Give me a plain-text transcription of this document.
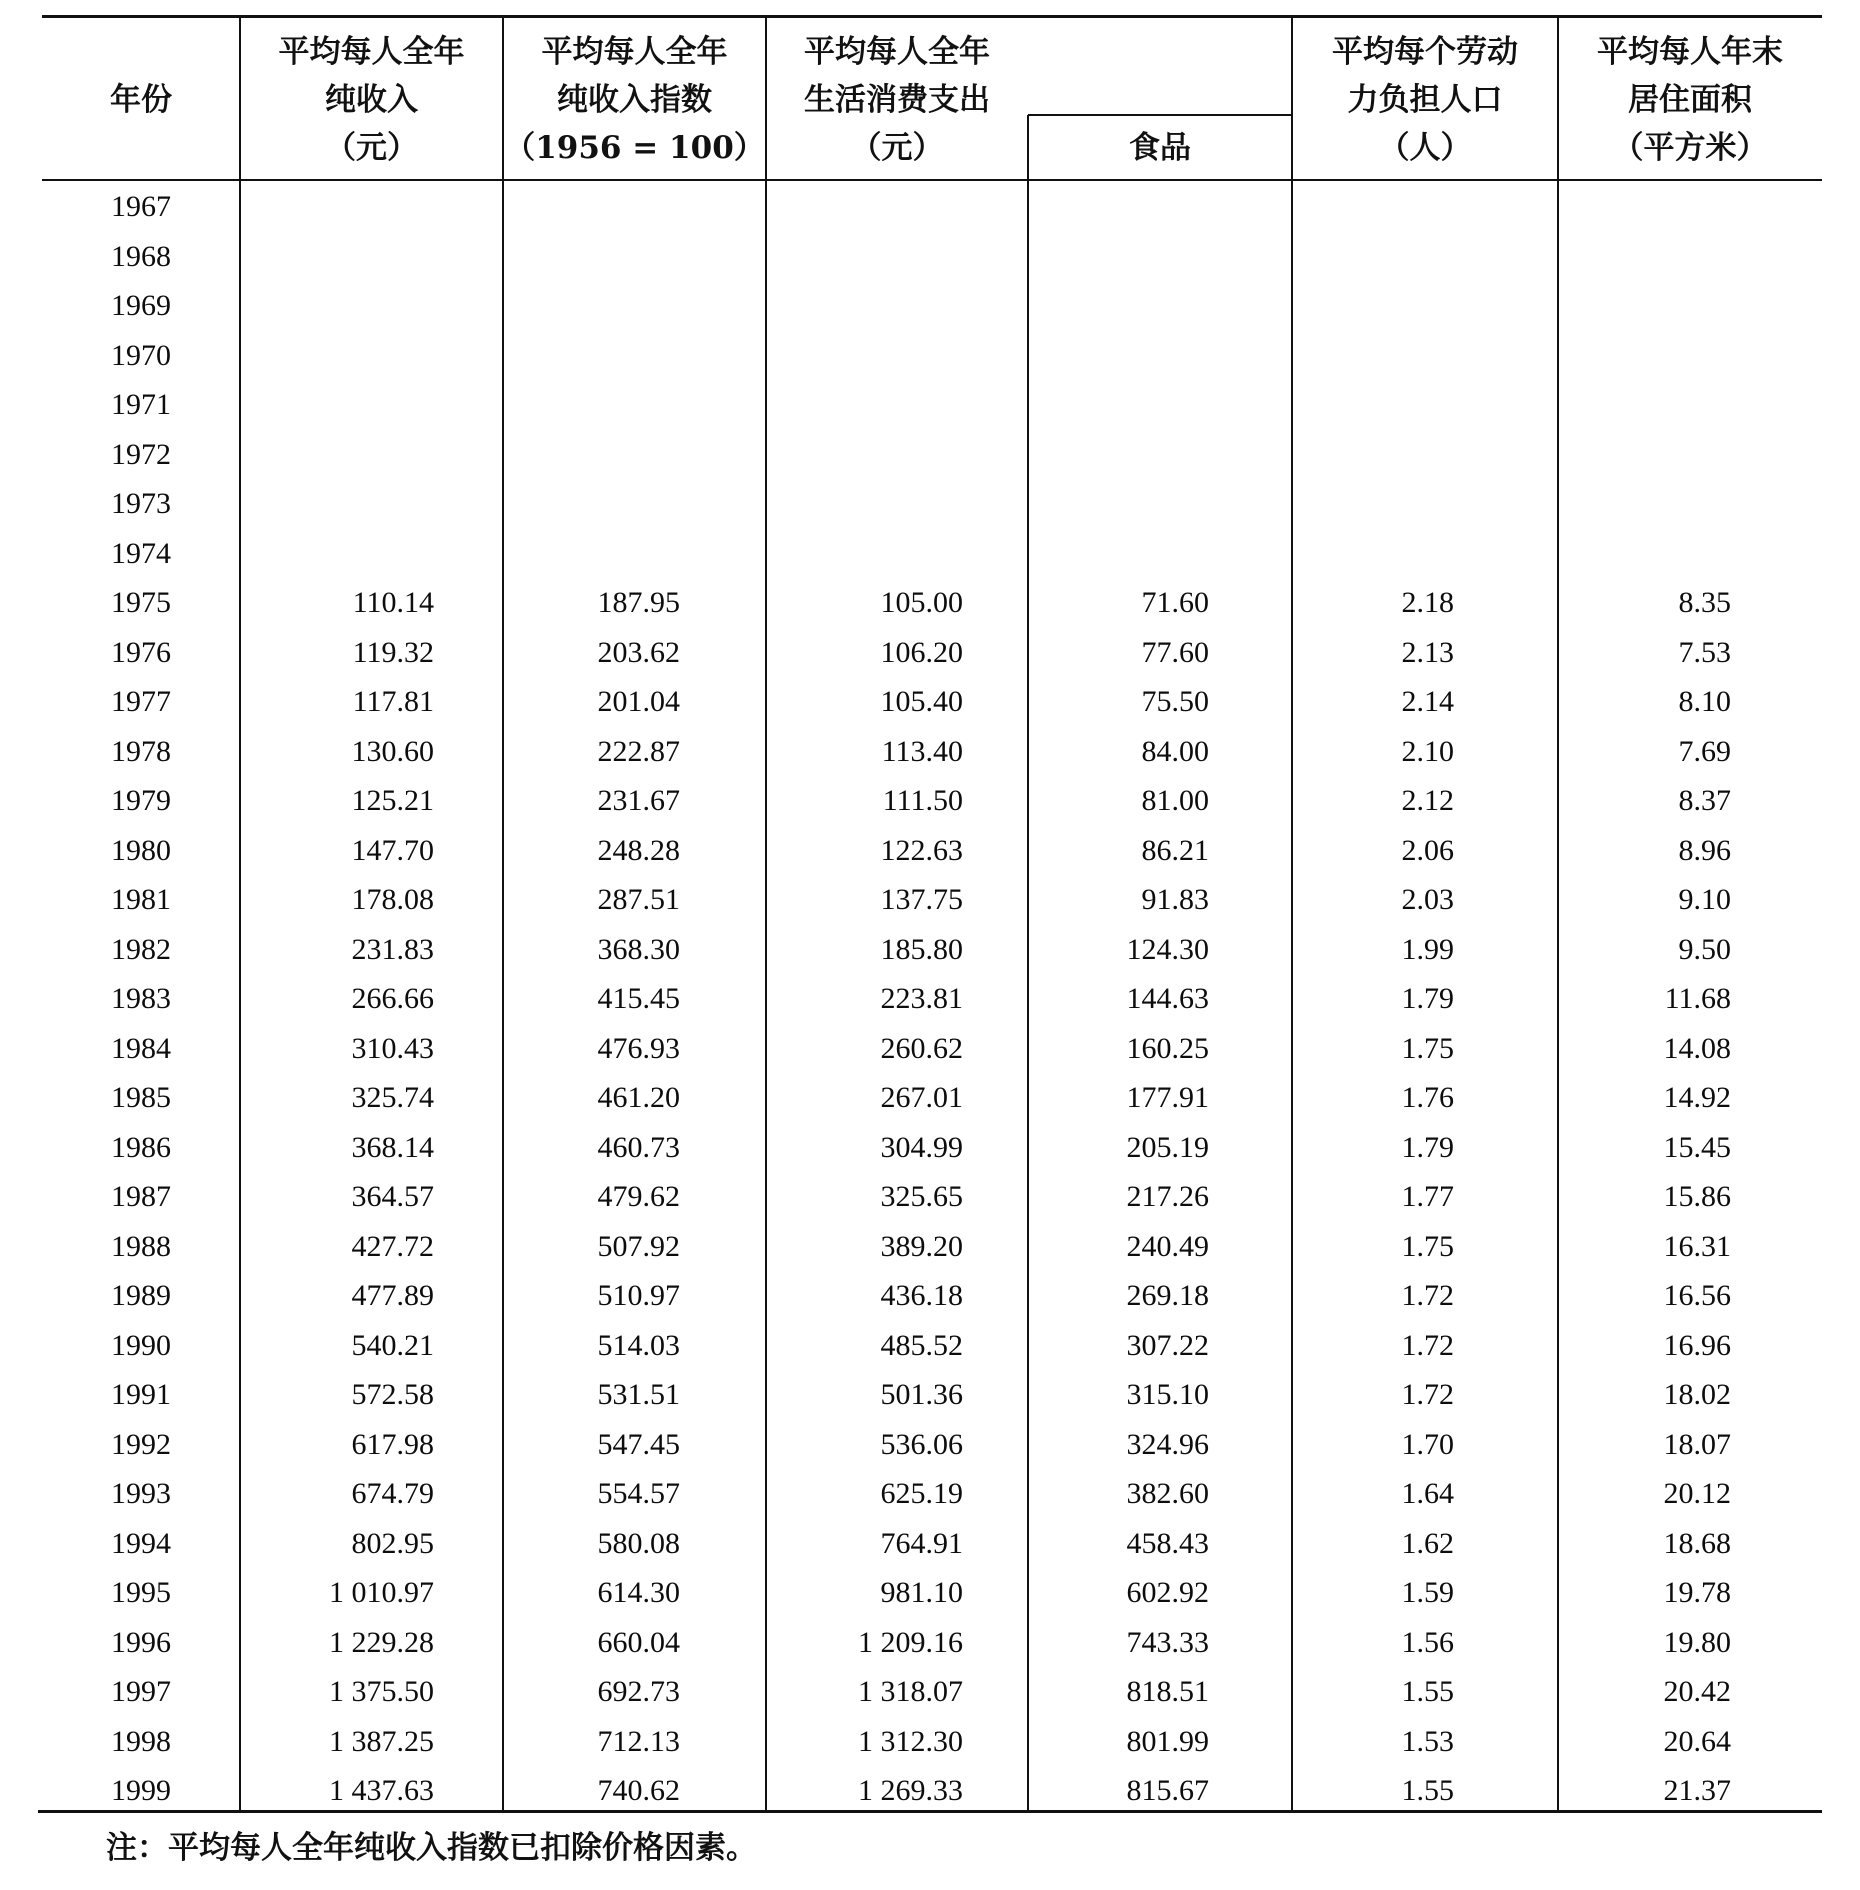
年份
平均每人全年
纯收入
（元）
平均每人全年
纯收入指数
（1956 = 100）
平均每人全年
生活消费支出
（元）	食品
平均每个劳动
力负担人口
（人）
平均每人年末
居住面积
（平方米）
1967
1968
1969
1970
1971
1972
1973
1974
1975	110.14	187.95	105.00	71.60	2.18	8.35
1976	119.32	203.62	106.20	77.60	2.13	7.53
1977	117.81	201.04	105.40	75.50	2.14	8.10
1978	130.60	222.87	113.40	84.00	2.10	7.69
1979	125.21	231.67	111.50	81.00	2.12	8.37
1980	147.70	248.28	122.63	86.21	2.06	8.96
1981	178.08	287.51	137.75	91.83	2.03	9.10
1982	231.83	368.30	185.80	124.30	1.99	9.50
1983	266.66	415.45	223.81	144.63	1.79	11.68
1984	310.43	476.93	260.62	160.25	1.75	14.08
1985	325.74	461.20	267.01	177.91	1.76	14.92
1986	368.14	460.73	304.99	205.19	1.79	15.45
1987	364.57	479.62	325.65	217.26	1.77	15.86
1988	427.72	507.92	389.20	240.49	1.75	16.31
1989	477.89	510.97	436.18	269.18	1.72	16.56
1990	540.21	514.03	485.52	307.22	1.72	16.96
1991	572.58	531.51	501.36	315.10	1.72	18.02
1992	617.98	547.45	536.06	324.96	1.70	18.07
1993	674.79	554.57	625.19	382.60	1.64	20.12
1994	802.95	580.08	764.91	458.43	1.62	18.68
1995	1 010.97	614.30	981.10	602.92	1.59	19.78
1996	1 229.28	660.04	1 209.16	743.33	1.56	19.80
1997	1 375.50	692.73	1 318.07	818.51	1.55	20.42
1998	1 387.25	712.13	1 312.30	801.99	1.53	20.64
1999	1 437.63	740.62	1 269.33	815.67	1.55	21.37
注：平均每人全年纯收入指数已扣除价格因素。
